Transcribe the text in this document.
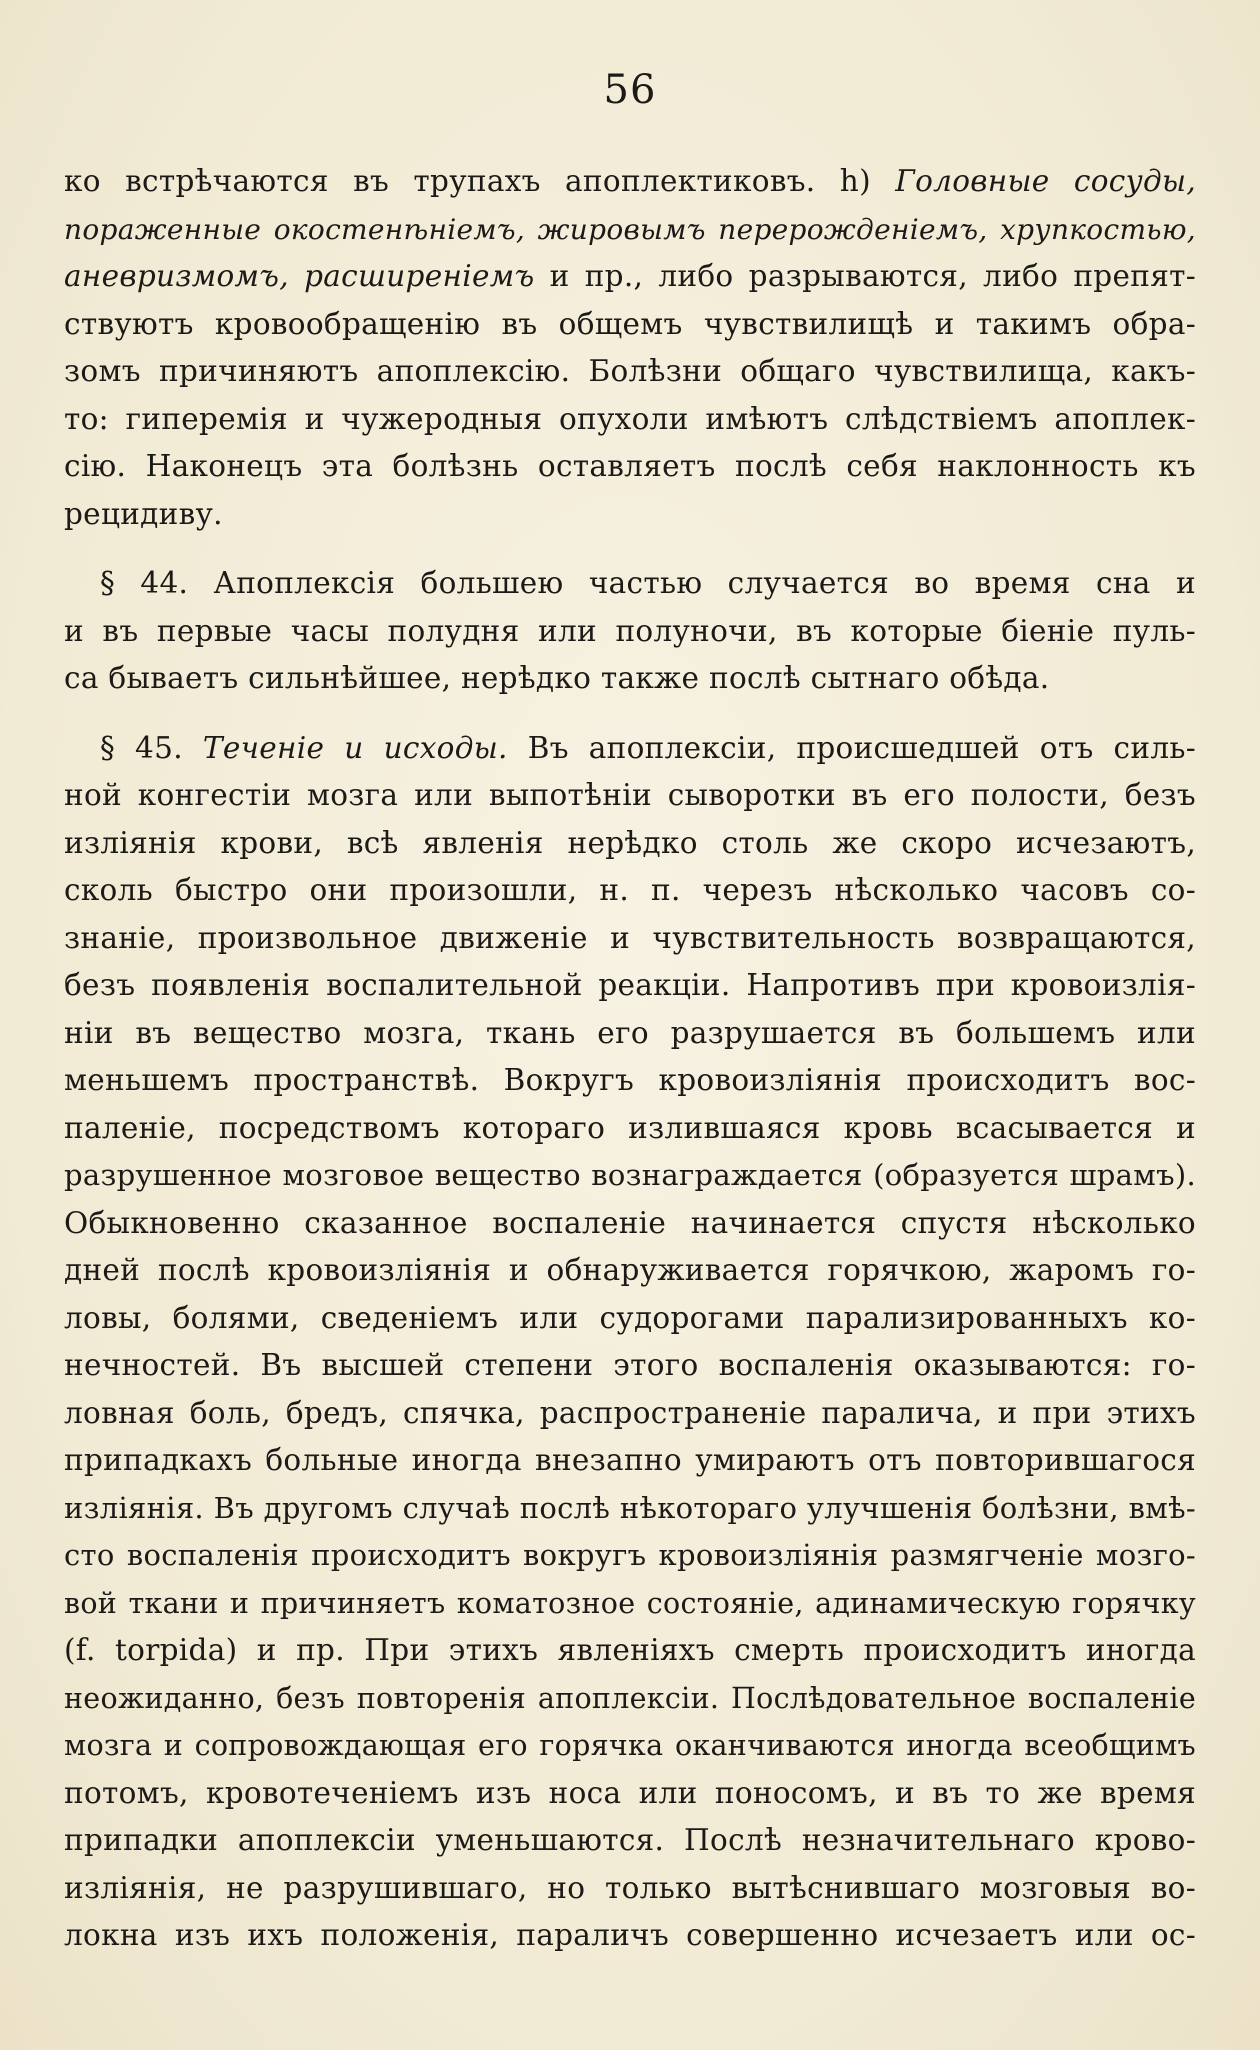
56
ко встрѣчаются въ трупахъ апоплектиковъ. h) Головные сосуды,
пораженные окостенѣніемъ, жировымъ перерожденіемъ, хрупкостью,
аневризмомъ, расширеніемъ и пр., либо разрываются, либо препят-
ствуютъ кровообращенію въ общемъ чувствилищѣ и такимъ обра-
зомъ причиняютъ апоплексію. Болѣзни общаго чувствилища, какъ-
то: гиперемія и чужеродныя опухоли имѣютъ слѣдствіемъ апоплек-
сію. Наконецъ эта болѣзнь оставляетъ послѣ себя наклонность къ
рецидиву.
§ 44. Апоплексія большею частью случается во время сна и
и въ первые часы полудня или полуночи, въ которые біеніе пуль-
са бываетъ сильнѣйшее, нерѣдко также послѣ сытнаго обѣда.
§ 45. Теченіе и исходы. Въ апоплексіи, происшедшей отъ силь-
ной конгестіи мозга или выпотѣніи сыворотки въ его полости, безъ
изліянія крови, всѣ явленія нерѣдко столь же скоро исчезаютъ,
сколь быстро они произошли, н. п. черезъ нѣсколько часовъ со-
знаніе, произвольное движеніе и чувствительность возвращаются,
безъ появленія воспалительной реакціи. Напротивъ при кровоизлія-
ніи въ вещество мозга, ткань его разрушается въ большемъ или
меньшемъ пространствѣ. Вокругъ кровоизліянія происходитъ вос-
паленіе, посредствомъ котораго излившаяся кровь всасывается и
разрушенное мозговое вещество вознаграждается (образуется шрамъ).
Обыкновенно сказанное воспаленіе начинается спустя нѣсколько
дней послѣ кровоизліянія и обнаруживается горячкою, жаромъ го-
ловы, болями, сведеніемъ или судорогами парализированныхъ ко-
нечностей. Въ высшей степени этого воспаленія оказываются: го-
ловная боль, бредъ, спячка, распространеніе паралича, и при этихъ
припадкахъ больные иногда внезапно умираютъ отъ повторившагося
изліянія. Въ другомъ случаѣ послѣ нѣкотораго улучшенія болѣзни, вмѣ-
сто воспаленія происходитъ вокругъ кровоизліянія размягченіе мозго-
вой ткани и причиняетъ коматозное состояніе, адинамическую горячку
(f. torpida) и пр. При этихъ явленіяхъ смерть происходитъ иногда
неожиданно, безъ повторенія апоплексіи. Послѣдовательное воспаленіе
мозга и сопровождающая его горячка оканчиваются иногда всеобщимъ
потомъ, кровотеченіемъ изъ носа или поносомъ, и въ то же время
припадки апоплексіи уменьшаются. Послѣ незначительнаго крово-
изліянія, не разрушившаго, но только вытѣснившаго мозговыя во-
локна изъ ихъ положенія, параличъ совершенно исчезаетъ или ос-
